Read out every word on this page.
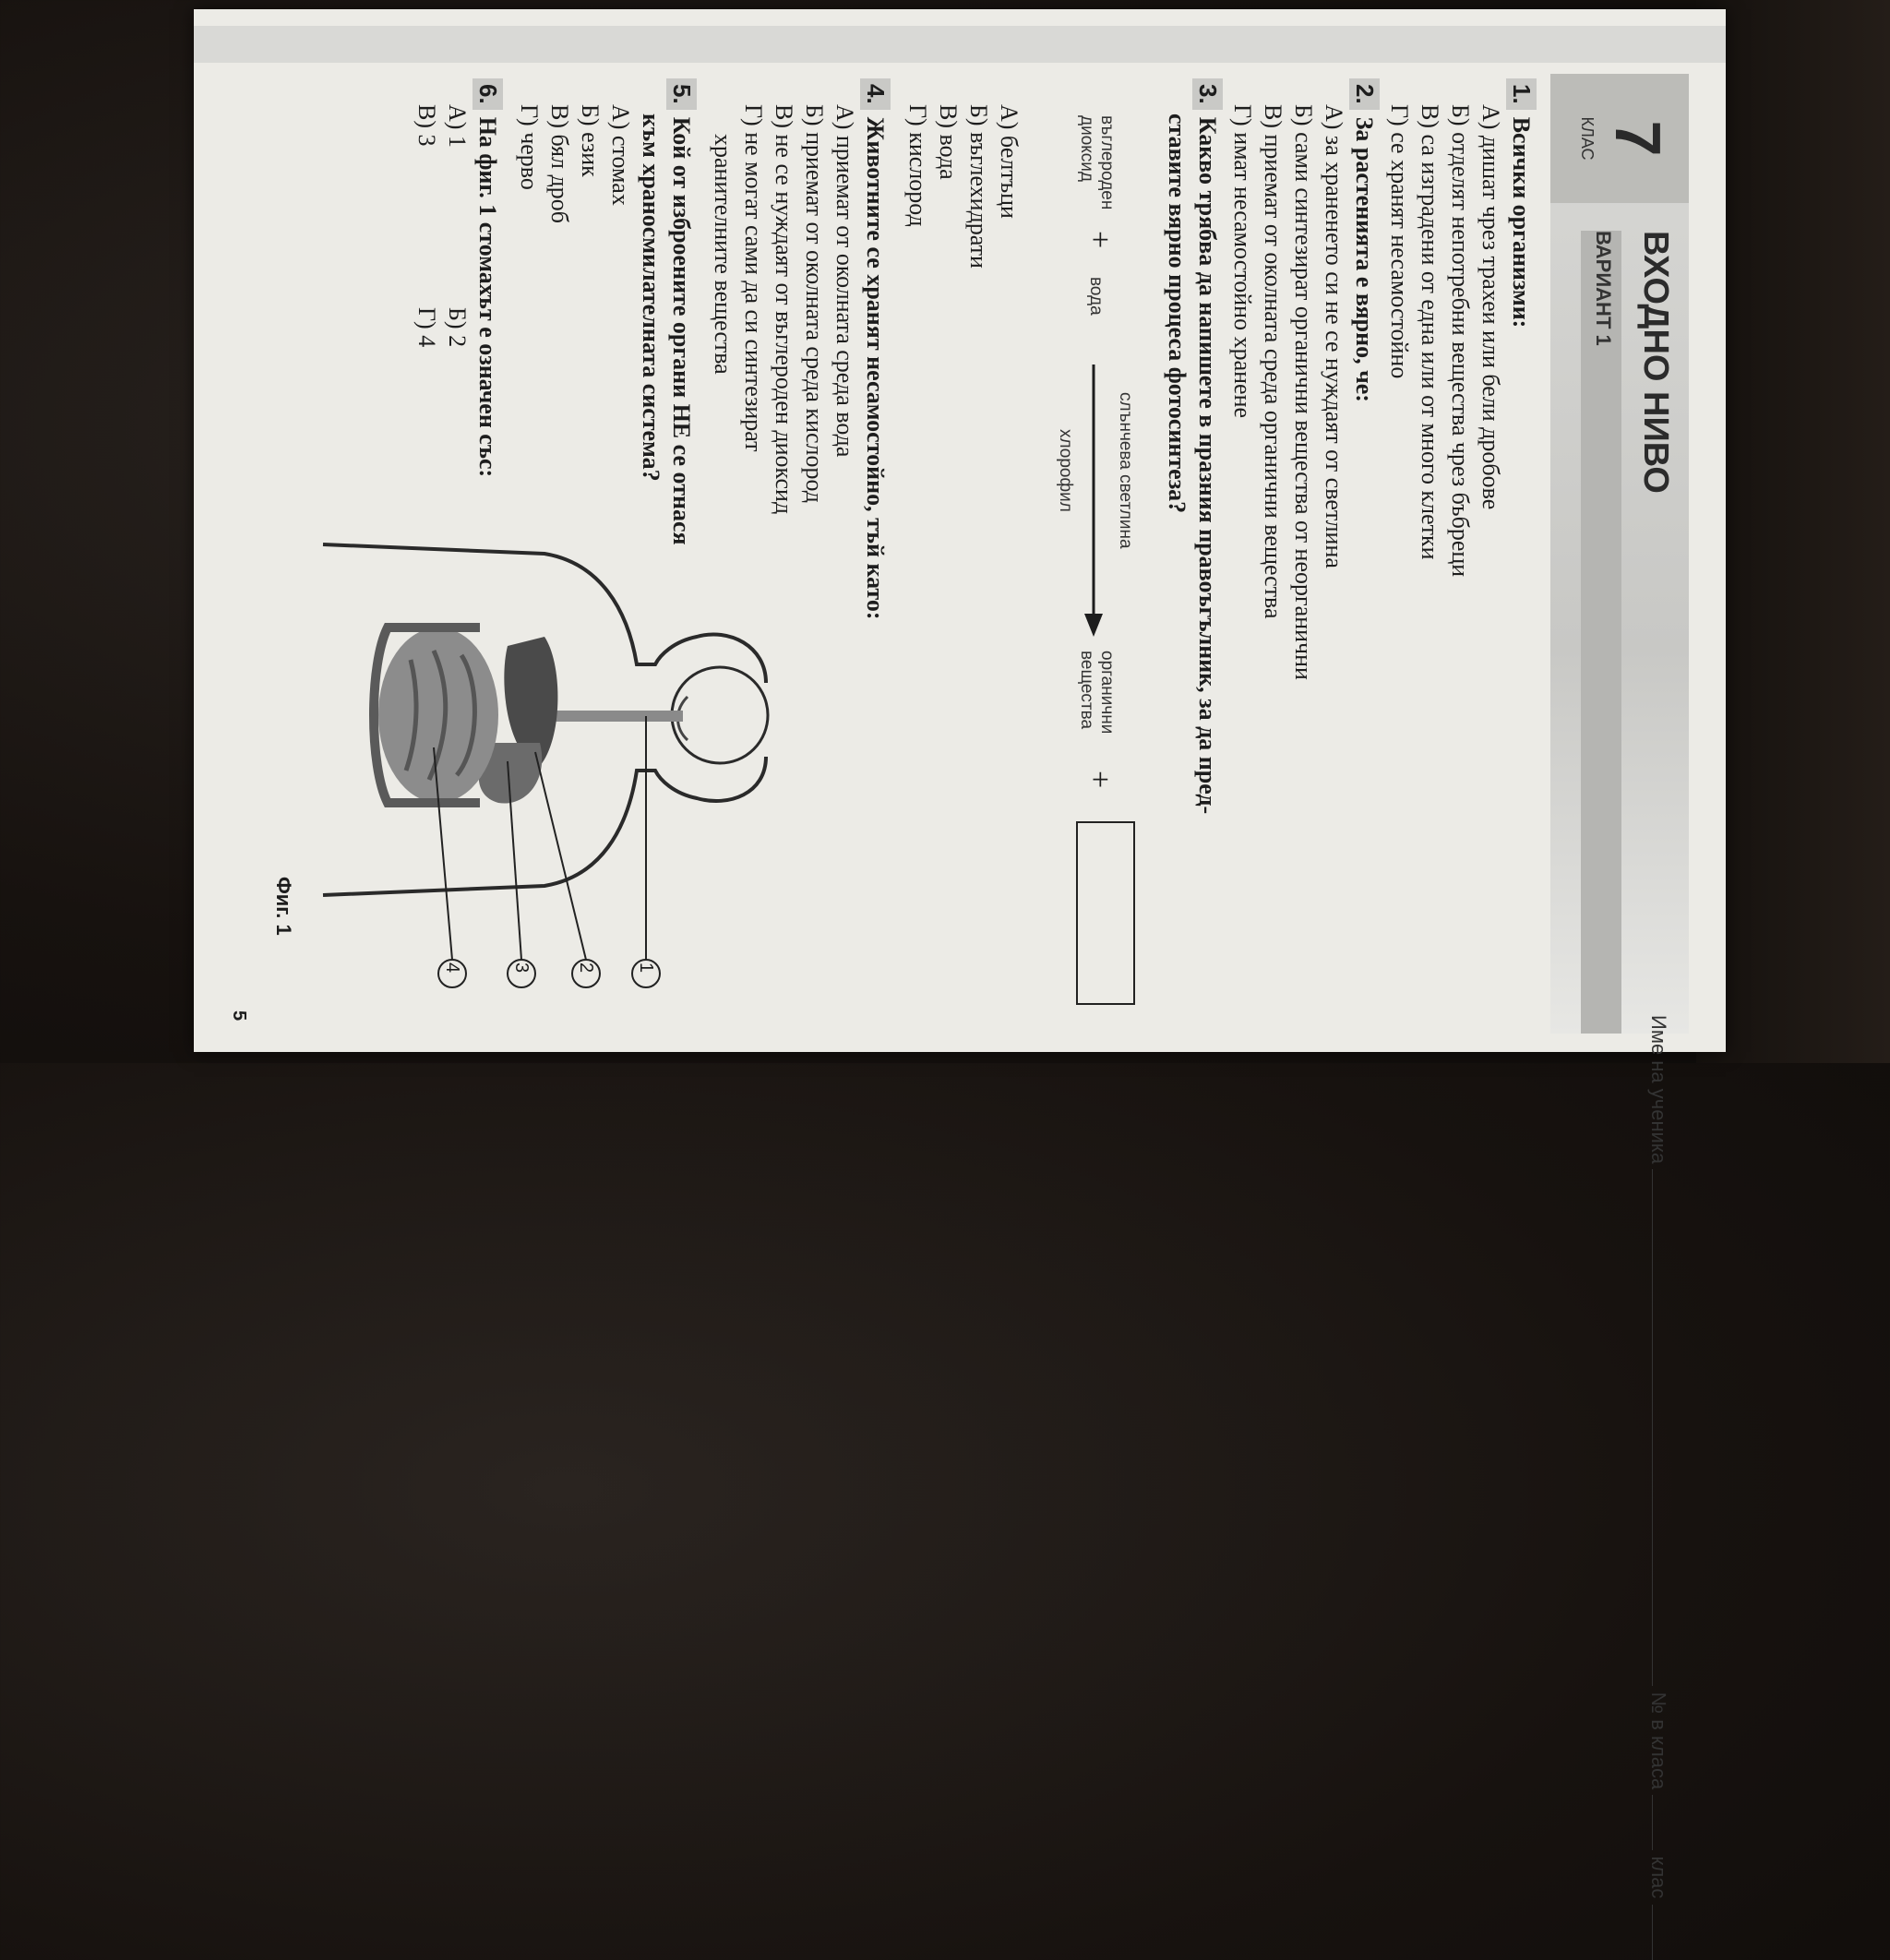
7
КЛАС
ВХОДНО НИВО
ВАРИАНТ 1
1.Всички организми:
А) дишат чрез трахеи или бели дробове
Б) отделят непотребни вещества чрез бъбреци
В) са изградени от една или от много клетки
Г) се хранят несамостойно
2.За растенията е вярно, че:
А) за храненето си не се нуждаят от светлина
Б) сами синтезират органични вещества от неорганични
В) приемат от околната среда органични вещества
Г) имат несамостойно хранене
3.Какво трябва да напишете в празния правоъгълник, за да пред-
ставите вярно процеса фотосинтеза?
въглероден
диоксид
+
вода
слънчева светлина
хлорофил
органични
вещества
+
А) белтъци
Б) въглехидрати
В) вода
Г) кислород
4.Животните се хранят несамостойно, тъй като:
А) приемат от околната среда вода
Б) приемат от околната среда кислород
В) не се нуждаят от въглероден диоксид
Г) не могат сами да си синтезират
хранителните вещества
5.Кой от изброените органи НЕ се отнася
към храносмилателната система?
А) стомах
Б) език
В) бял дроб
Г) черво
6.На фиг. 1 стомахът е означен със:
А) 1
Б) 2
В) 3
Г) 4
1
2
3
4
Фиг. 1
Име на ученика  № в класа  клас
5
